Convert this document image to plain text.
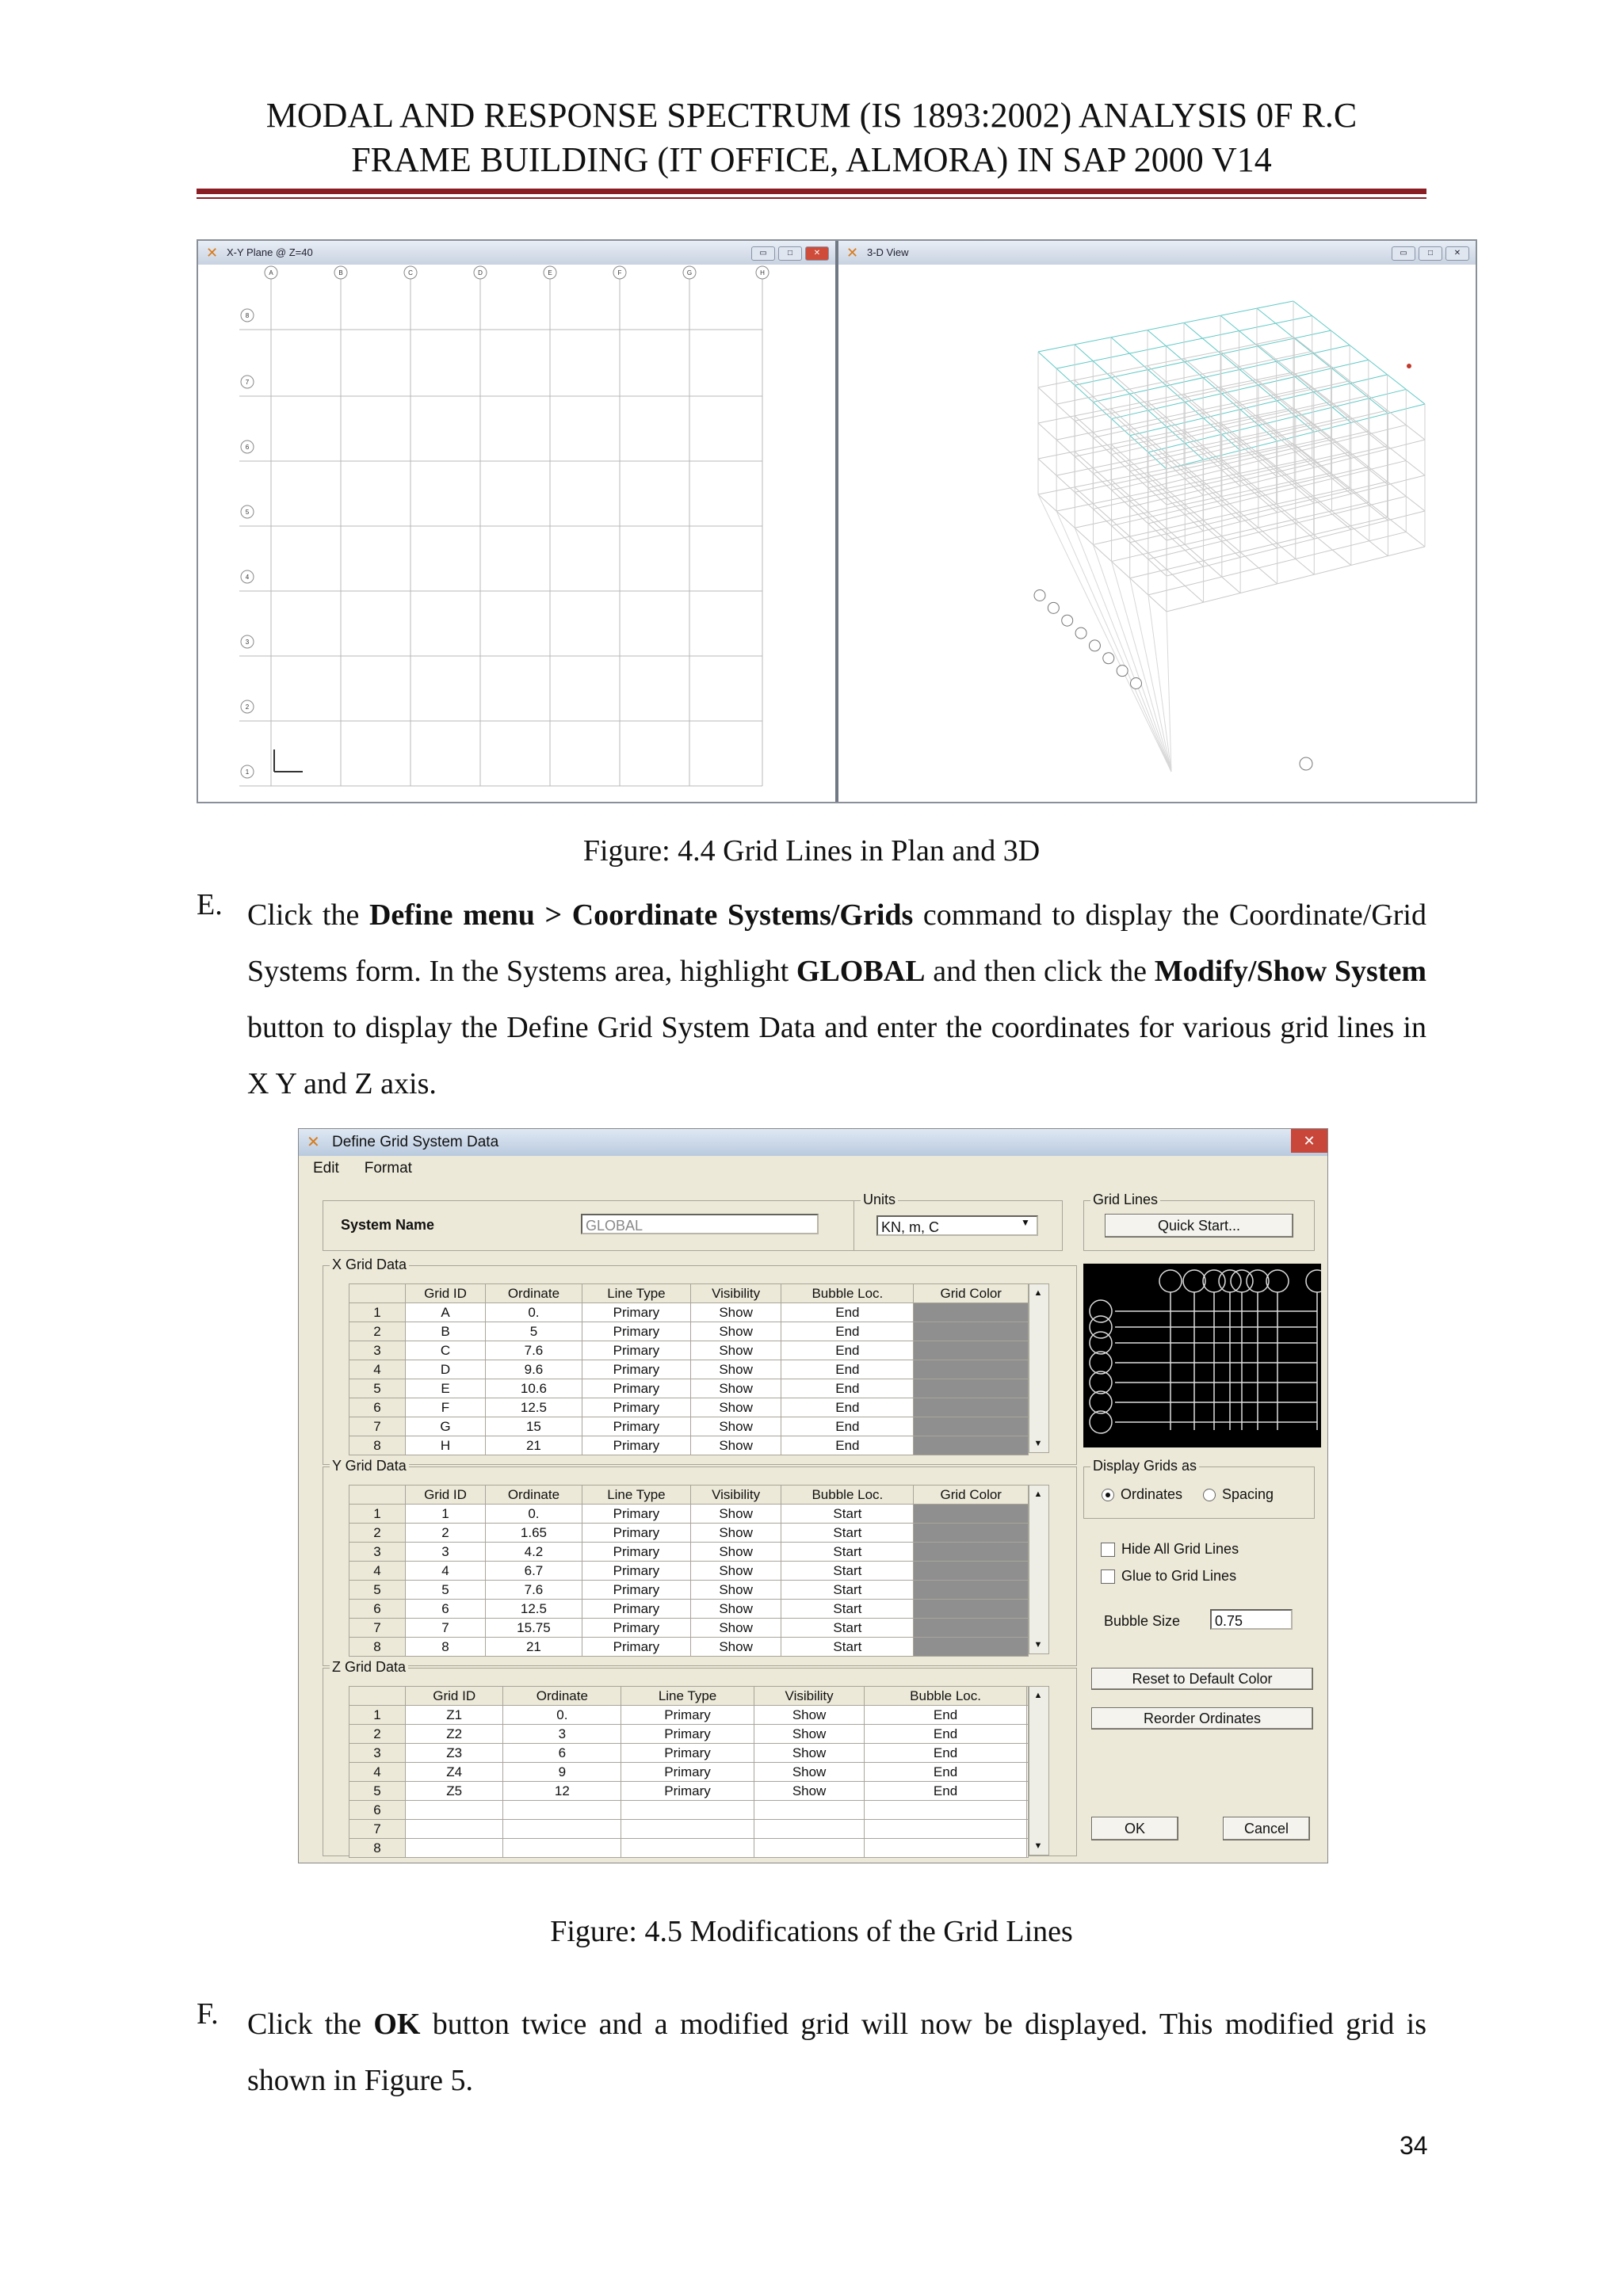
MODAL AND RESPONSE SPECTRUM (IS 1893:2002) ANALYSIS 0F R.C
FRAME BUILDING (IT OFFICE, ALMORA) IN SAP 2000 V14
✕ X-Y Plane @ Z=40	▭	□	✕
A	B	C	D	E	F	G	H
8
7
6
5
4
3
2
1
✕ 3-D View	▭	□	✕
Figure: 4.4 Grid Lines in Plan and 3D
E. Click the Define menu > Coordinate Systems/Grids command to display the Coordinate/Grid Systems form. In the Systems area, highlight GLOBAL and then click the Modify/Show System button to display the Define Grid System Data and enter the coordinates for various grid lines in X Y and Z axis.
✕ Define Grid System Data	✕
Edit Format
System Name	GLOBAL
Units
KN, m, C	▼
Grid Lines
Quick Start...
X Grid Data
	Grid ID	Ordinate	Line Type	Visibility	Bubble Loc.	Grid Color
1	A	0.	Primary	Show	End	
2	B	5	Primary	Show	End	
3	C	7.6	Primary	Show	End	
4	D	9.6	Primary	Show	End	
5	E	10.6	Primary	Show	End	
6	F	12.5	Primary	Show	End	
7	G	15	Primary	Show	End	
8	H	21	Primary	Show	End	
▲
▼
Y Grid Data
	Grid ID	Ordinate	Line Type	Visibility	Bubble Loc.	Grid Color
1	1	0.	Primary	Show	Start	
2	2	1.65	Primary	Show	Start	
3	3	4.2	Primary	Show	Start	
4	4	6.7	Primary	Show	Start	
5	5	7.6	Primary	Show	Start	
6	6	12.5	Primary	Show	Start	
7	7	15.75	Primary	Show	Start	
8	8	21	Primary	Show	Start	
▲
▼
Z Grid Data
	Grid ID	Ordinate	Line Type	Visibility	Bubble Loc.	
1	Z1	0.	Primary	Show	End	
2	Z2	3	Primary	Show	End	
3	Z3	6	Primary	Show	End	
4	Z4	9	Primary	Show	End	
5	Z5	12	Primary	Show	End	
6						
7						
8						
▲
▼
Display Grids as
Ordinates	Spacing
Hide All Grid Lines
Glue to Grid Lines
Bubble Size	0.75
Reset to Default Color
Reorder Ordinates
OK	Cancel
Figure: 4.5 Modifications of the Grid Lines
F. Click the OK button twice and a modified grid will now be displayed. This modified grid is shown in Figure 5.
34
